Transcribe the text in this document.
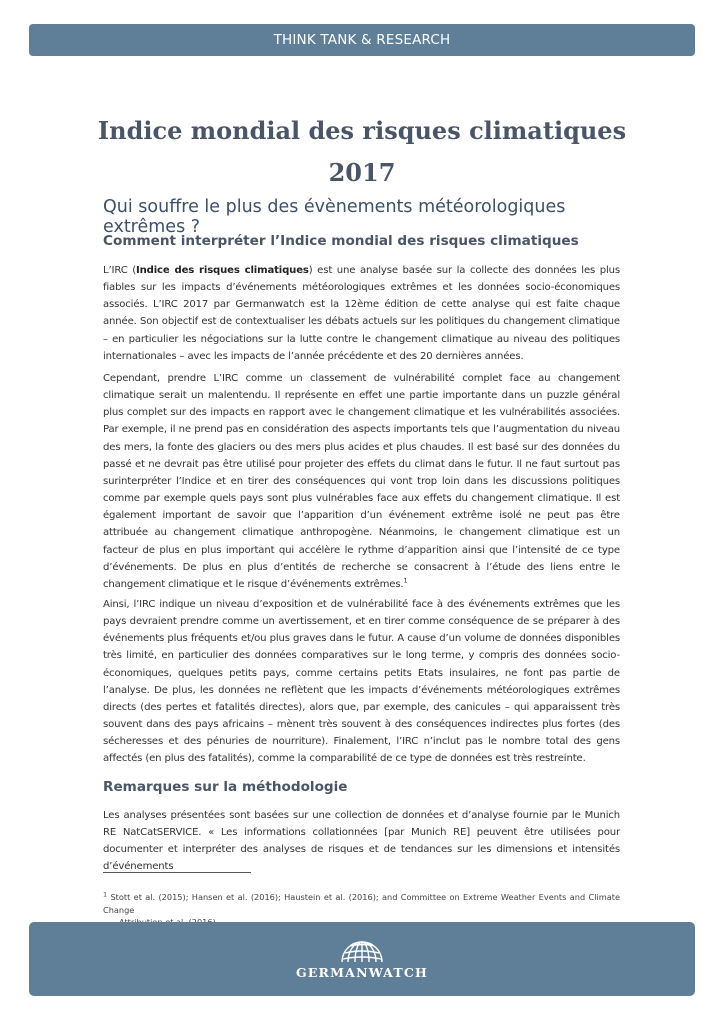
THINK TANK & RESEARCH
Indice mondial des risques climatiques
2017
Qui souffre le plus des évènements météorologiques extrêmes ?
Comment interpréter l’Indice mondial des risques climatiques

L’IRC (Indice des risques climatiques) est une analyse basée sur la collecte des données les plus fiables sur les impacts d’événements météorologiques extrêmes et les données socio-économiques associés. L’IRC 2017 par Germanwatch est la 12ème édition de cette analyse qui est faite chaque année. Son objectif est de contextualiser les débats actuels sur les politiques du changement climatique – en particulier les négociations sur la lutte contre le changement climatique au niveau des politiques internationales – avec les impacts de l’année précédente et des 20 dernières années.

Cependant, prendre L’IRC comme un classement de vulnérabilité complet face au changement climatique serait un malentendu. Il représente en effet une partie importante dans un puzzle général plus complet sur des impacts en rapport avec le changement climatique et les vulnérabilités associées. Par exemple, il ne prend pas en considération des aspects importants tels que l’augmentation du niveau des mers, la fonte des glaciers ou des mers plus acides et plus chaudes. Il est basé sur des données du passé et ne devrait pas être utilisé pour projeter des effets du climat dans le futur. Il ne faut surtout pas surinterpréter l’Indice et en tirer des conséquences qui vont trop loin dans les discussions politiques comme par exemple quels pays sont plus vulnérables face aux effets du changement climatique. Il est également important de savoir que l’apparition d’un événement extrême isolé ne peut pas être attribuée au changement climatique anthropogène. Néanmoins, le changement climatique est un facteur de plus en plus important qui accélère le rythme d’apparition ainsi que l’intensité de ce type d’événements. De plus en plus d’entités de recherche se consacrent à l’étude des liens entre le changement climatique et le risque d’événements extrêmes.$^1$

Ainsi, l’IRC indique un niveau d’exposition et de vulnérabilité face à des événements extrêmes que les pays devraient prendre comme un avertissement, et en tirer comme conséquence de se préparer à des événements plus fréquents et/ou plus graves dans le futur. A cause d’un volume de données disponibles très limité, en particulier des données comparatives sur le long terme, y compris des données socio-économiques, quelques petits pays, comme certains petits Etats insulaires, ne font pas partie de l’analyse. De plus, les données ne reflètent que les impacts d’événements météorologiques extrêmes directs (des pertes et fatalités directes), alors que, par exemple, des canicules – qui apparaissent très souvent dans des pays africains – mènent très souvent à des conséquences indirectes plus fortes (des sécheresses et des pénuries de nourriture). Finalement, l’IRC n’inclut pas le nombre total des gens affectés (en plus des fatalités), comme la comparabilité de ce type de données est très restreinte.

Remarques sur la méthodologie

Les analyses présentées sont basées sur une collection de données et d’analyse fournie par le Munich RE NatCatSERVICE. « Les informations collationnées [par Munich RE] peuvent être utilisées pour documenter et interpréter des analyses de risques et de tendances sur les dimensions et intensités d’événements

$^1$ Stott et al. (2015); Hansen et al. (2016); Haustein et al. (2016); and Committee on Extreme Weather Events and Climate Change

GERMANWATCH
